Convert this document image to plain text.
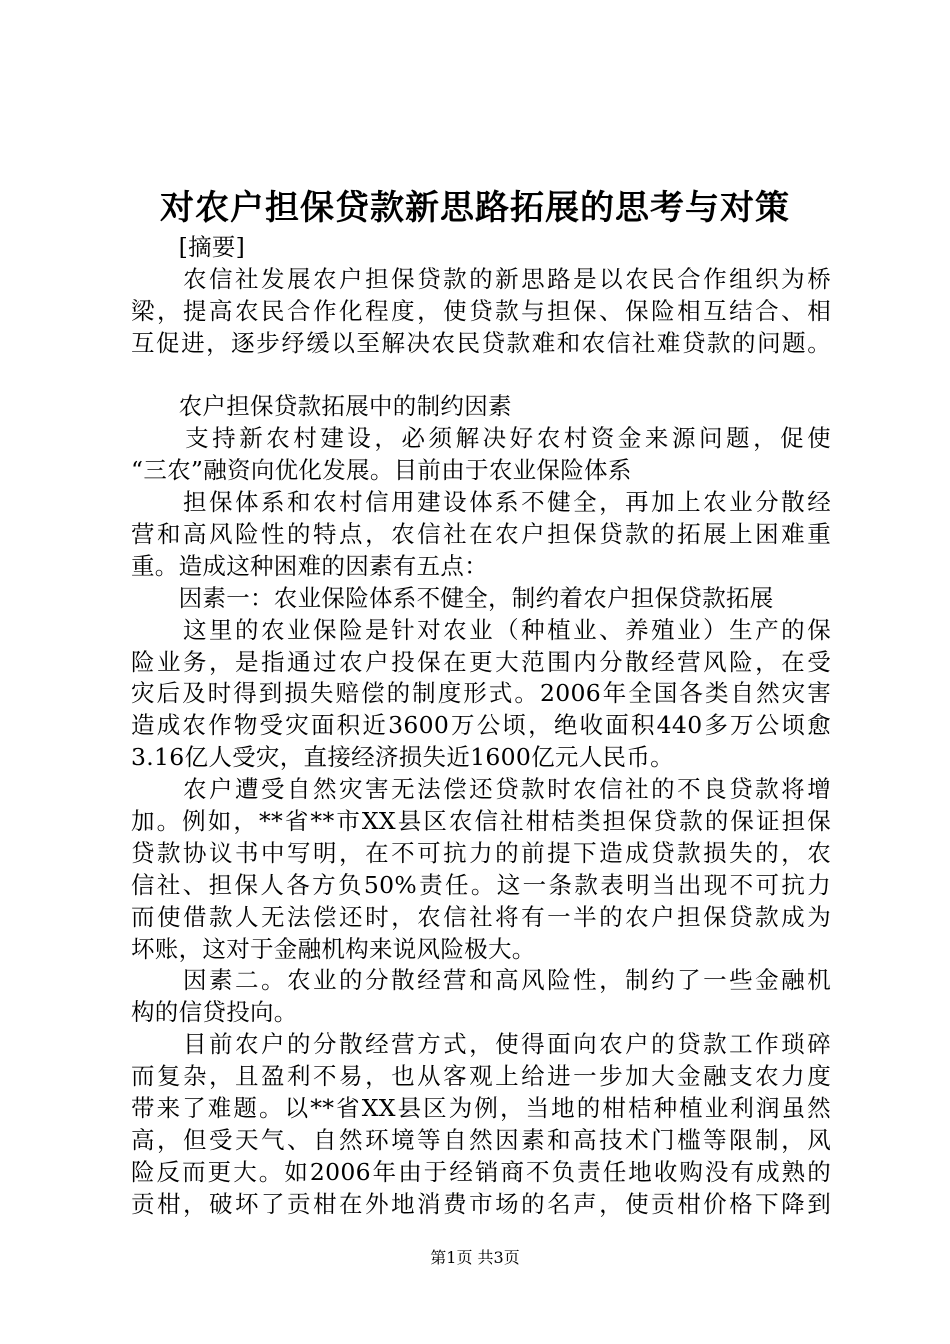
对农户担保贷款新思路拓展的思考与对策
　　[摘要]
　　农信社发展农户担保贷款的新思路是以农民合作组织为桥
梁，提高农民合作化程度，使贷款与担保、保险相互结合、相
互促进，逐步纾缓以至解决农民贷款难和农信社难贷款的问题。
　　农户担保贷款拓展中的制约因素
　　支持新农村建设，必须解决好农村资金来源问题，促使
“三农”融资向优化发展。目前由于农业保险体系
　　担保体系和农村信用建设体系不健全，再加上农业分散经
营和高风险性的特点，农信社在农户担保贷款的拓展上困难重
重。造成这种困难的因素有五点：
　　因素一：农业保险体系不健全，制约着农户担保贷款拓展
　　这里的农业保险是针对农业（种植业、养殖业）生产的保
险业务，是指通过农户投保在更大范围内分散经营风险，在受
灾后及时得到损失赔偿的制度形式。2006年全国各类自然灾害
造成农作物受灾面积近3600万公顷，绝收面积440多万公顷愈
3.16亿人受灾，直接经济损失近1600亿元人民币。
　　农户遭受自然灾害无法偿还贷款时农信社的不良贷款将增
加。例如，**省**市XX县区农信社柑桔类担保贷款的保证担保
贷款协议书中写明，在不可抗力的前提下造成贷款损失的，农
信社、担保人各方负50%责任。这一条款表明当出现不可抗力
而使借款人无法偿还时，农信社将有一半的农户担保贷款成为
坏账，这对于金融机构来说风险极大。
　　因素二。农业的分散经营和高风险性，制约了一些金融机
构的信贷投向。
　　目前农户的分散经营方式，使得面向农户的贷款工作琐碎
而复杂，且盈利不易，也从客观上给进一步加大金融支农力度
带来了难题。以**省XX县区为例，当地的柑桔种植业利润虽然
高，但受天气、自然环境等自然因素和高技术门槛等限制，风
险反而更大。如2006年由于经销商不负责任地收购没有成熟的
贡柑，破坏了贡柑在外地消费市场的名声，使贡柑价格下降到
第1页 共3页
